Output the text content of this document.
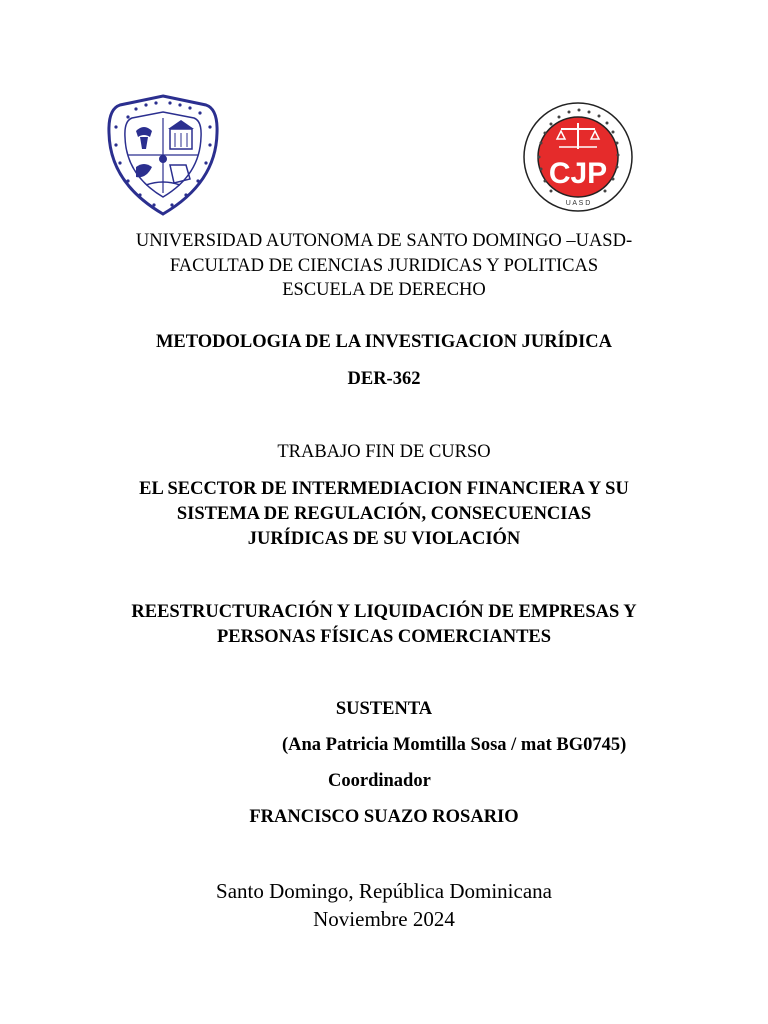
CJP
U A S D
UNIVERSIDAD AUTONOMA DE SANTO DOMINGO –UASD-
FACULTAD DE CIENCIAS JURIDICAS Y POLITICAS
ESCUELA DE DERECHO
METODOLOGIA DE LA INVESTIGACION JURÍDICA
DER-362
TRABAJO FIN DE CURSO
EL SECCTOR DE INTERMEDIACION FINANCIERA Y SU
SISTEMA DE REGULACIÓN, CONSECUENCIAS
JURÍDICAS DE SU VIOLACIÓN
REESTRUCTURACIÓN Y LIQUIDACIÓN DE EMPRESAS Y
PERSONAS FÍSICAS COMERCIANTES
SUSTENTA
(Ana Patricia Momtilla Sosa / mat BG0745)
Coordinador
FRANCISCO SUAZO ROSARIO
Santo Domingo, República Dominicana
Noviembre 2024
